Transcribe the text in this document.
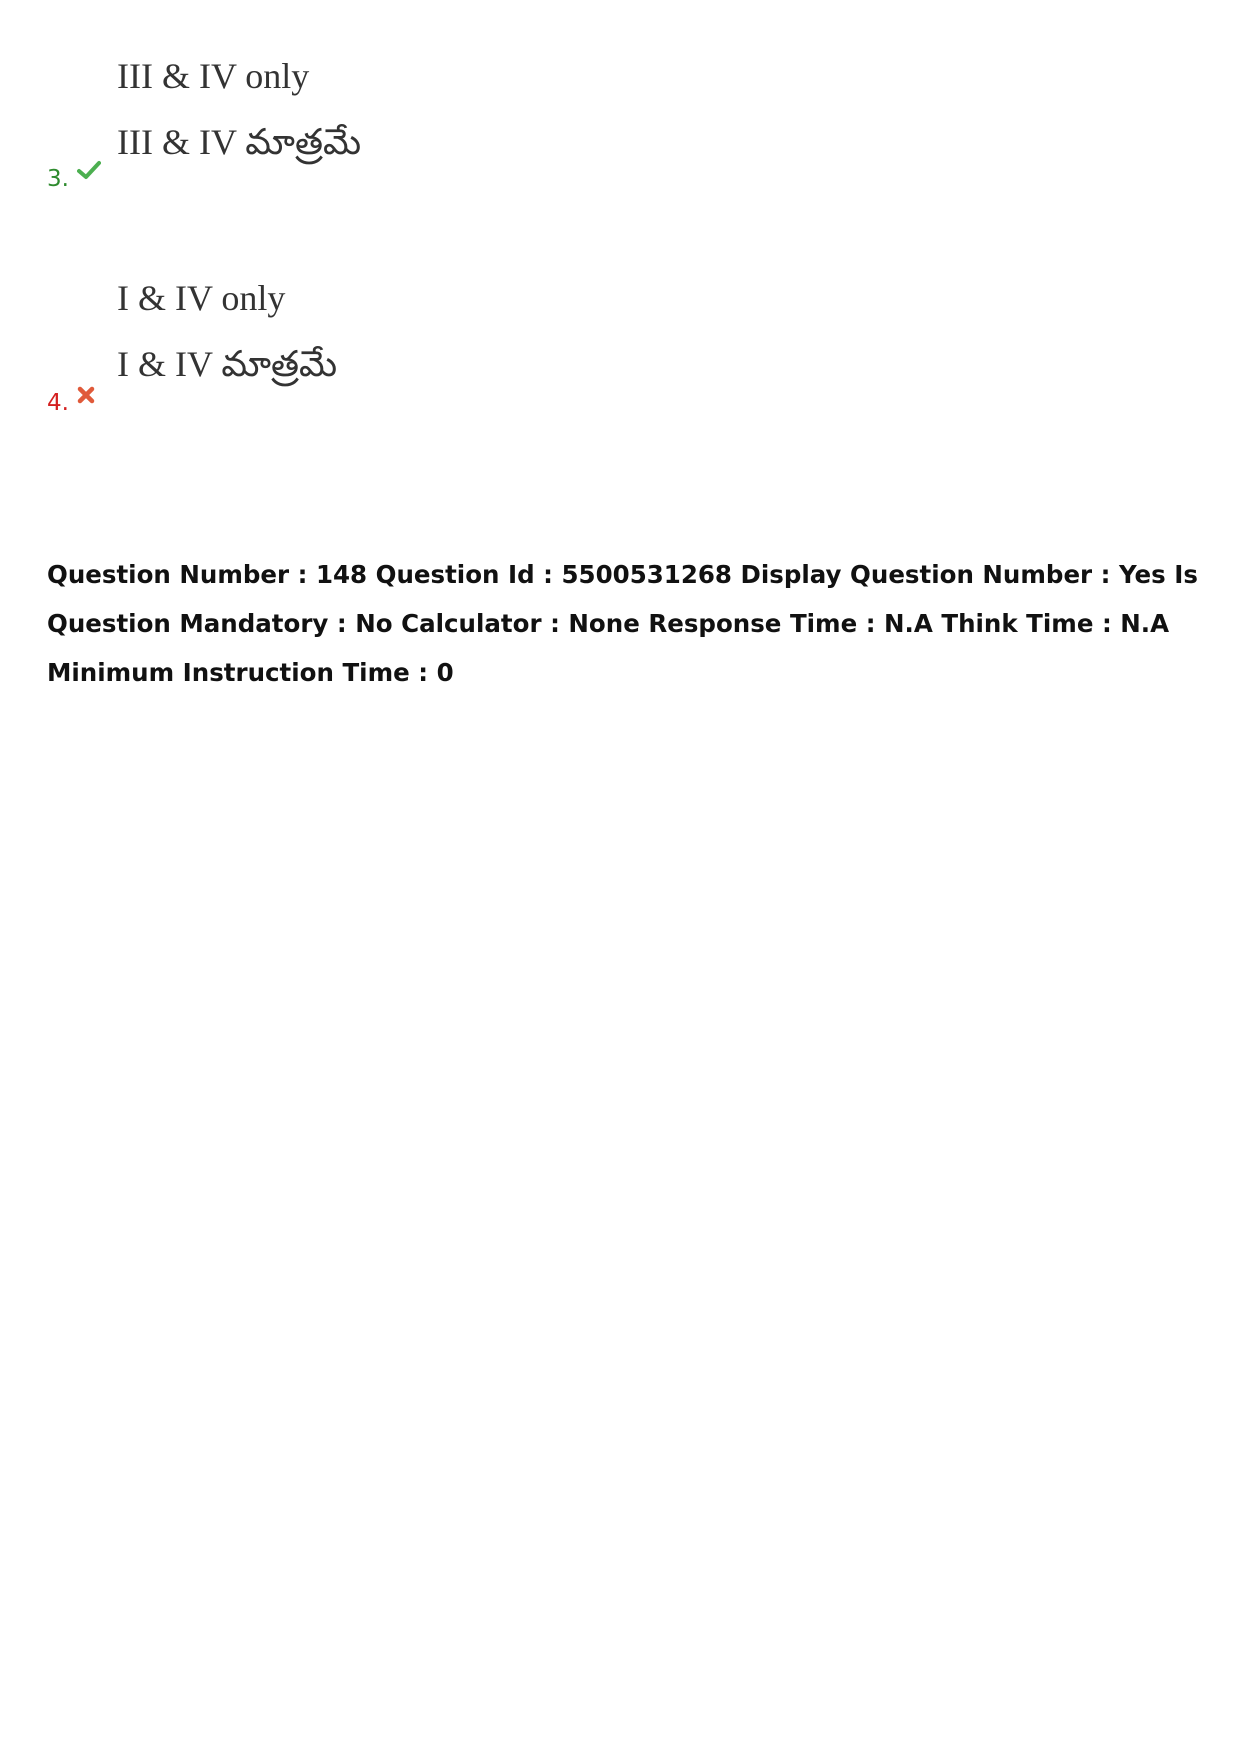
III & IV only
III & IV మాత్రమే
3.
I & IV only
I & IV మాత్రమే
4.
Question Number : 148 Question Id : 5500531268 Display Question Number : Yes Is Question Mandatory : No Calculator : None Response Time : N.A Think Time : N.A Minimum Instruction Time : 0
